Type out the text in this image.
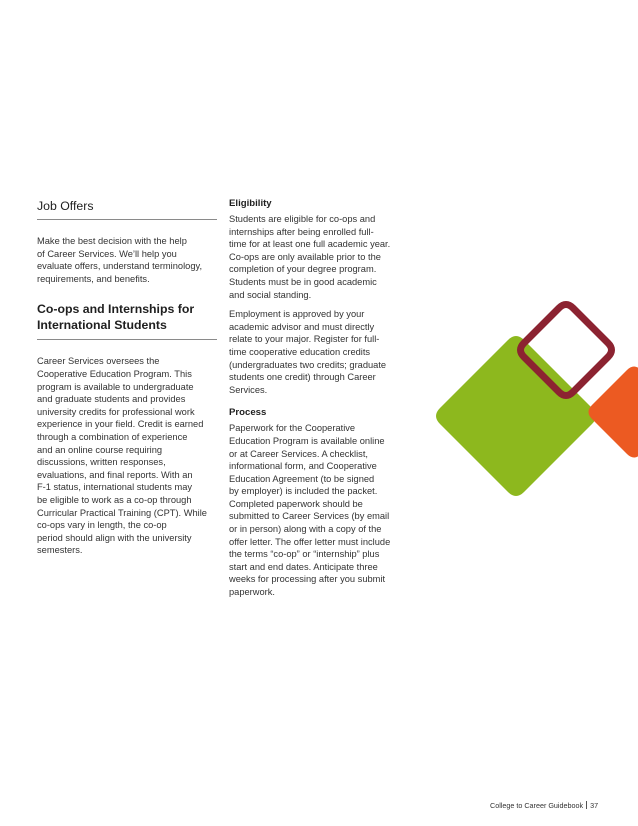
Job Offers

Make the best decision with the help
of Career Services. We’ll help you
evaluate offers, understand terminology,
requirements, and benefits.

Co-ops and Internships for
International Students

Career Services oversees the
Cooperative Education Program. This
program is available to undergraduate
and graduate students and provides
university credits for professional work
experience in your field. Credit is earned
through a combination of experience
and an online course requiring
discussions, written responses,
evaluations, and final reports. With an
F-1 status, international students may
be eligible to work as a co-op through
Curricular Practical Training (CPT). While
co-ops vary in length, the co-op
period should align with the university
semesters.

Eligibility

Students are eligible for co-ops and
internships after being enrolled full-
time for at least one full academic year.
Co-ops are only available prior to the
completion of your degree program.
Students must be in good academic
and social standing.

Employment is approved by your
academic advisor and must directly
relate to your major. Register for full-
time cooperative education credits
(undergraduates two credits; graduate
students one credit) through Career
Services.

Process

Paperwork for the Cooperative
Education Program is available online
or at Career Services. A checklist,
informational form, and Cooperative
Education Agreement (to be signed
by employer) is included the packet.
Completed paperwork should be
submitted to Career Services (by email
or in person) along with a copy of the
offer letter. The offer letter must include
the terms “co-op” or “internship” plus
start and end dates. Anticipate three
weeks for processing after you submit
paperwork.

College to Career Guidebook 37
